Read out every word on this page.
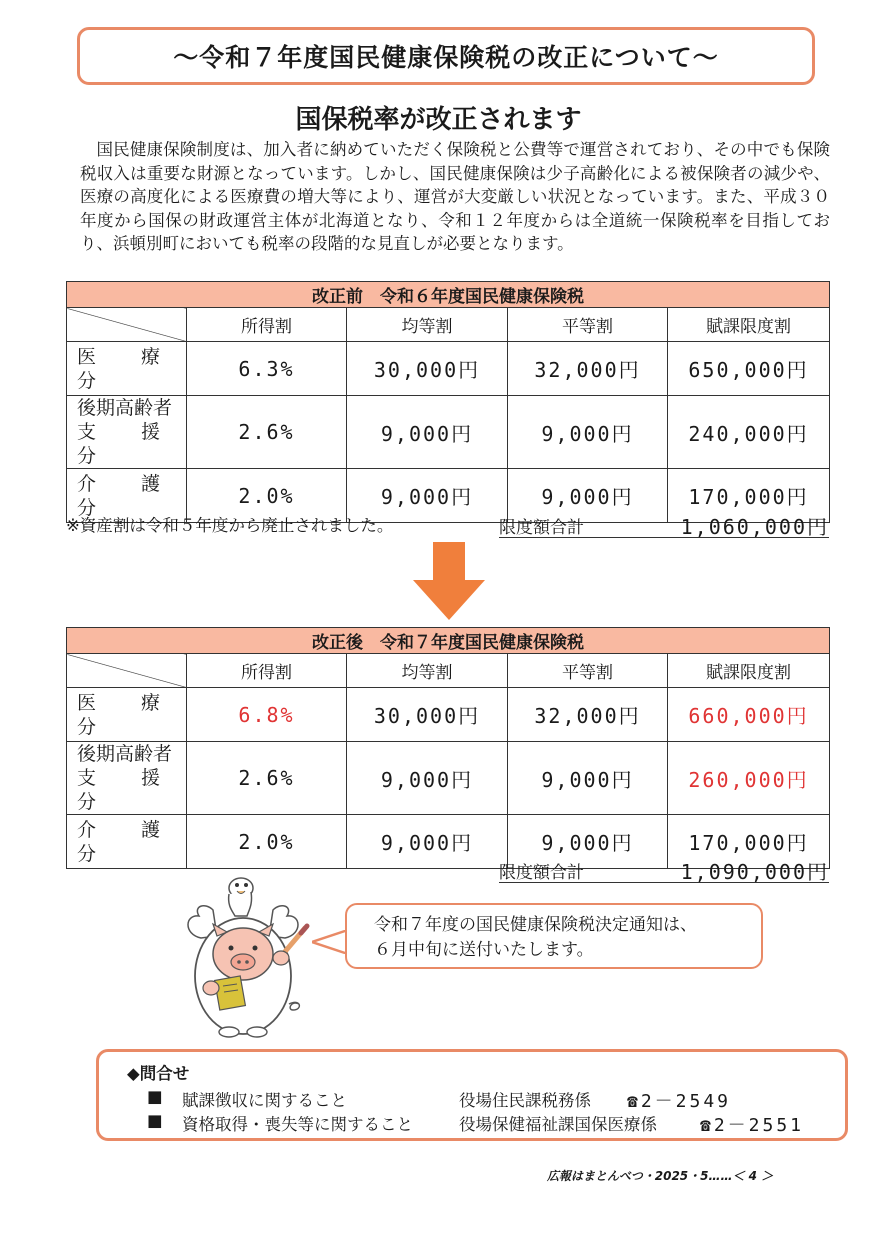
～令和７年度国民健康保険税の改正について～
国保税率が改正されます
国民健康保険制度は、加入者に納めていただく保険税と公費等で運営されており、その中でも保険税収入は重要な財源となっています。しかし、国民健康保険は少子高齢化による被保険者の減少や、医療の高度化による医療費の増大等により、運営が大変厳しい状況となっています。また、平成３０年度から国保の財政運営主体が北海道となり、令和１２年度からは全道統一保険税率を目指しており、浜頓別町においても税率の段階的な見直しが必要となります。
改正前　令和６年度国民健康保険税				
	所得割	均等割	平等割	賦課限度割
医　療　分	6.3%	30,000円	32,000円	650,000円

後期高齢者
支　援　分	2.6%	9,000円	9,000円	240,000円
介　護　分	2.0%	9,000円	9,000円	170,000円
※資産割は令和５年度から廃止されました。	限度額合計	1,060,000円
改正後　令和７年度国民健康保険税				
	所得割	均等割	平等割	賦課限度割
医　療　分	6.8%	30,000円	32,000円	660,000円

後期高齢者
支　援　分	2.6%	9,000円	9,000円	260,000円
介　護　分	2.0%	9,000円	9,000円	170,000円
限度額合計	1,090,000円
令和７年度の国民健康保険税決定通知は、
６月中旬に送付いたします。
◆問合せ
■ 賦課徴収に関すること	役場住民課税務係 ☎2－2549
■ 資格取得・喪失等に関すること	役場保健福祉課国保医療係 ☎2－2551
広報はまとんべつ・2025・5……＜ 4 ＞
